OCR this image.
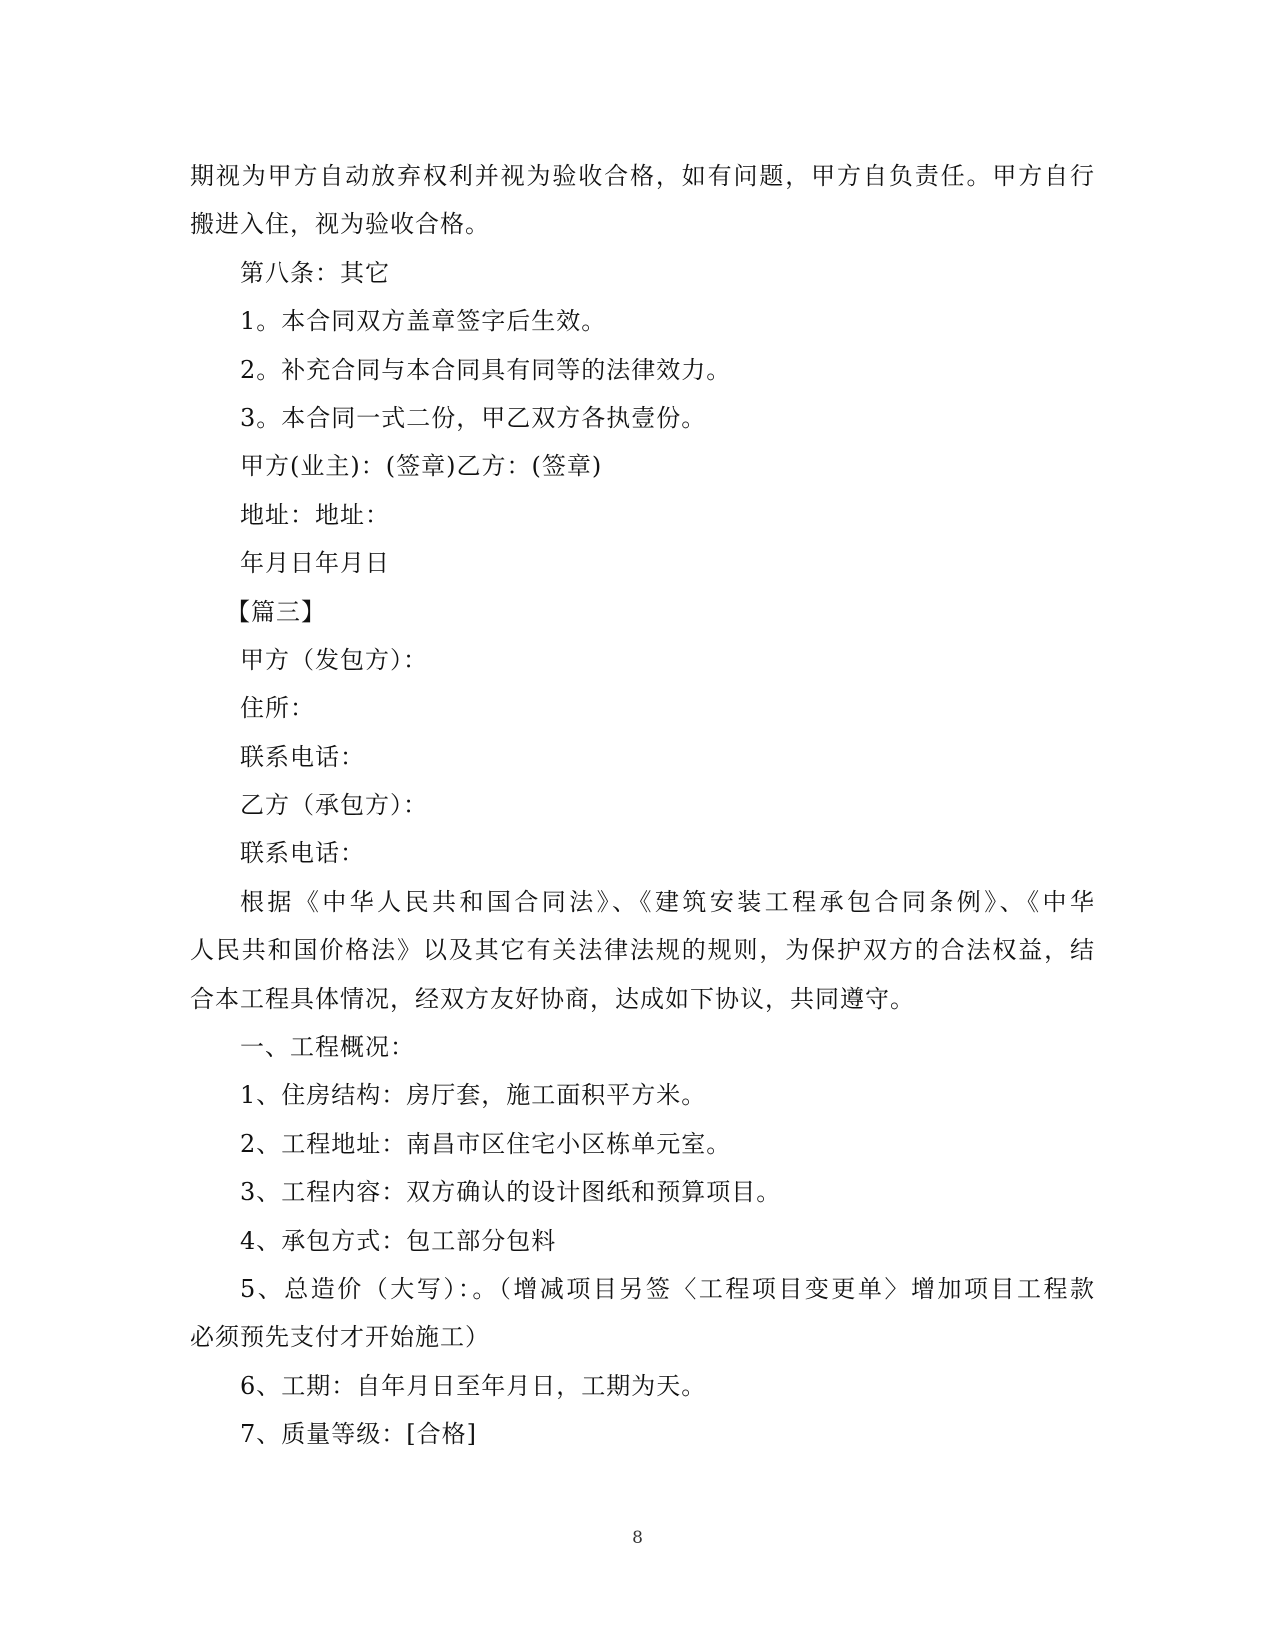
期视为甲方自动放弃权利并视为验收合格，如有问题，甲方自负责任。甲方自行
搬进入住，视为验收合格。
第八条：其它
1。本合同双方盖章签字后生效。
2。补充合同与本合同具有同等的法律效力。
3。本合同一式二份，甲乙双方各执壹份。
甲方(业主)：(签章)乙方：(签章)
地址：地址：
年月日年月日
【篇三】
甲方（发包方）：
住所：
联系电话：
乙方（承包方）：
联系电话：
根据《中华人民共和国合同法》、《建筑安装工程承包合同条例》、《中华
人民共和国价格法》以及其它有关法律法规的规则，为保护双方的合法权益，结
合本工程具体情况，经双方友好协商，达成如下协议，共同遵守。
一、工程概况：
1、住房结构：房厅套，施工面积平方米。
2、工程地址：南昌市区住宅小区栋单元室。
3、工程内容：双方确认的设计图纸和预算项目。
4、承包方式：包工部分包料
5、总造价（大写）：。（增减项目另签〈工程项目变更单〉增加项目工程款
必须预先支付才开始施工）
6、工期：自年月日至年月日，工期为天。
7、质量等级：[合格]
8
